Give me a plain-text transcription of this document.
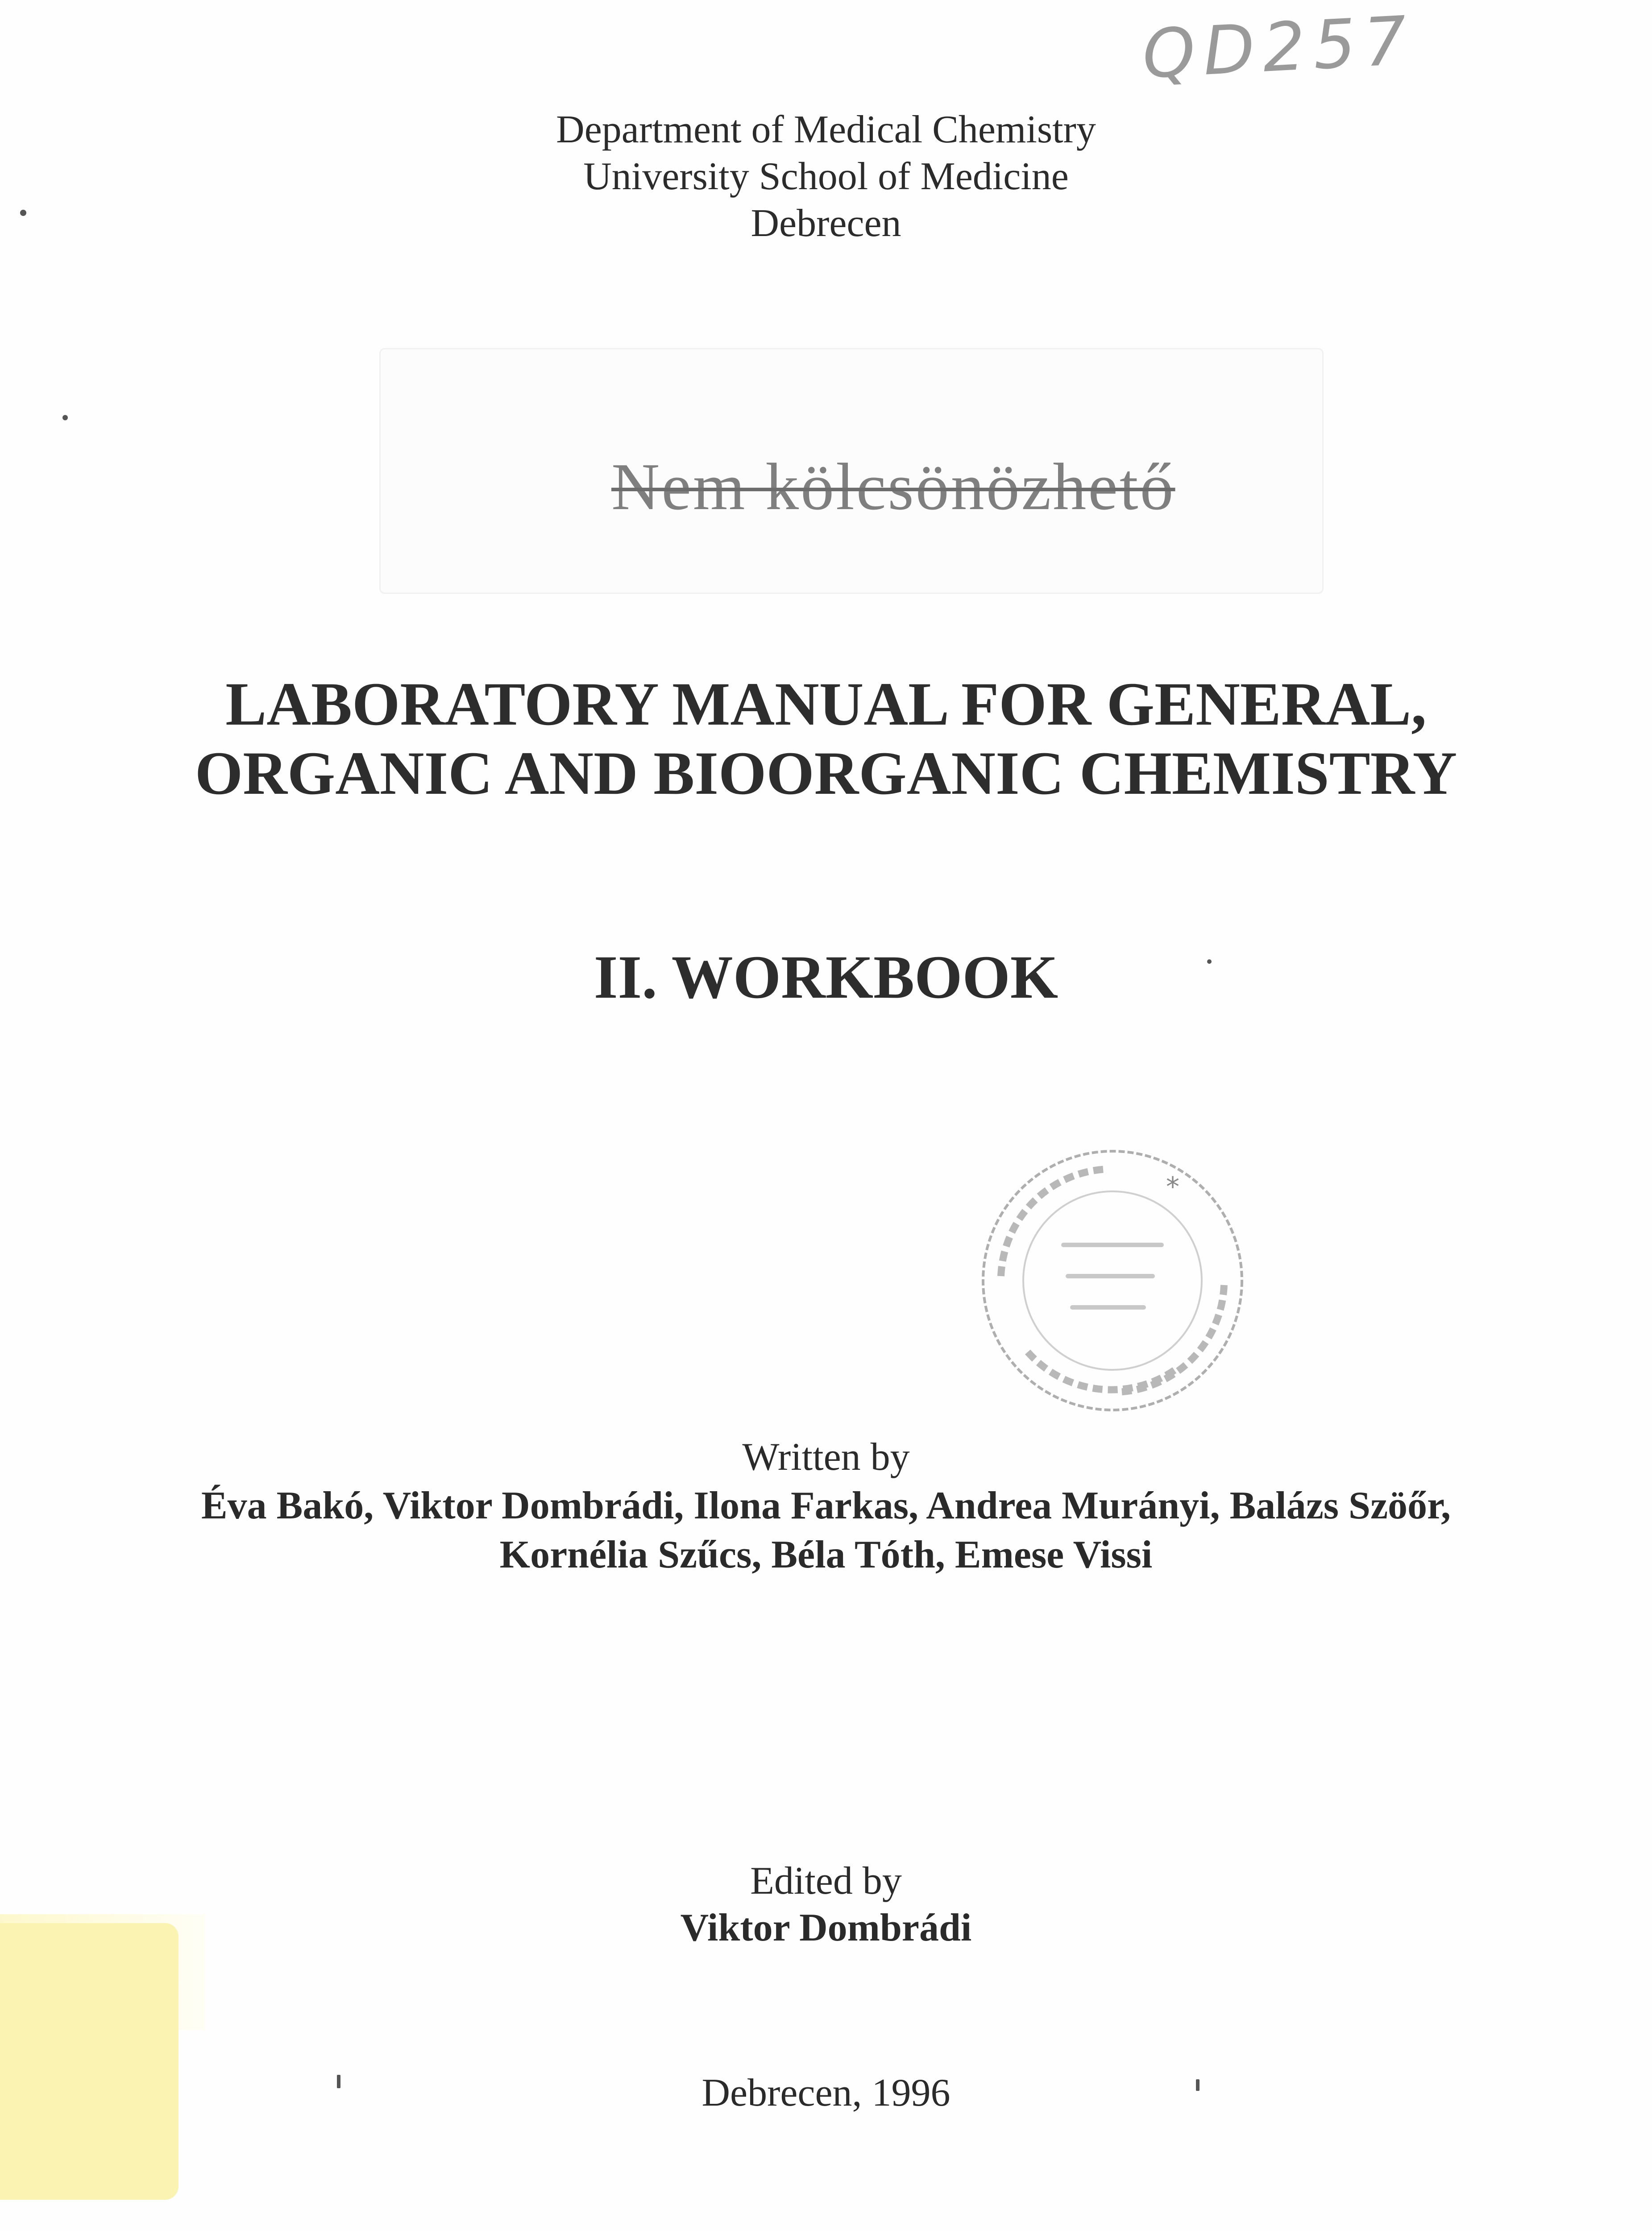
QD257
Department of Medical Chemistry
University School of Medicine
Debrecen
Nem kölcsönözhető
LABORATORY MANUAL FOR GENERAL,
ORGANIC AND BIOORGANIC CHEMISTRY
II. WORKBOOK
*
Written by
Éva Bakó, Viktor Dombrádi, Ilona Farkas, Andrea Murányi, Balázs Szöőr,
Kornélia Szűcs, Béla Tóth, Emese Vissi
Edited by
Viktor Dombrádi
Debrecen, 1996
